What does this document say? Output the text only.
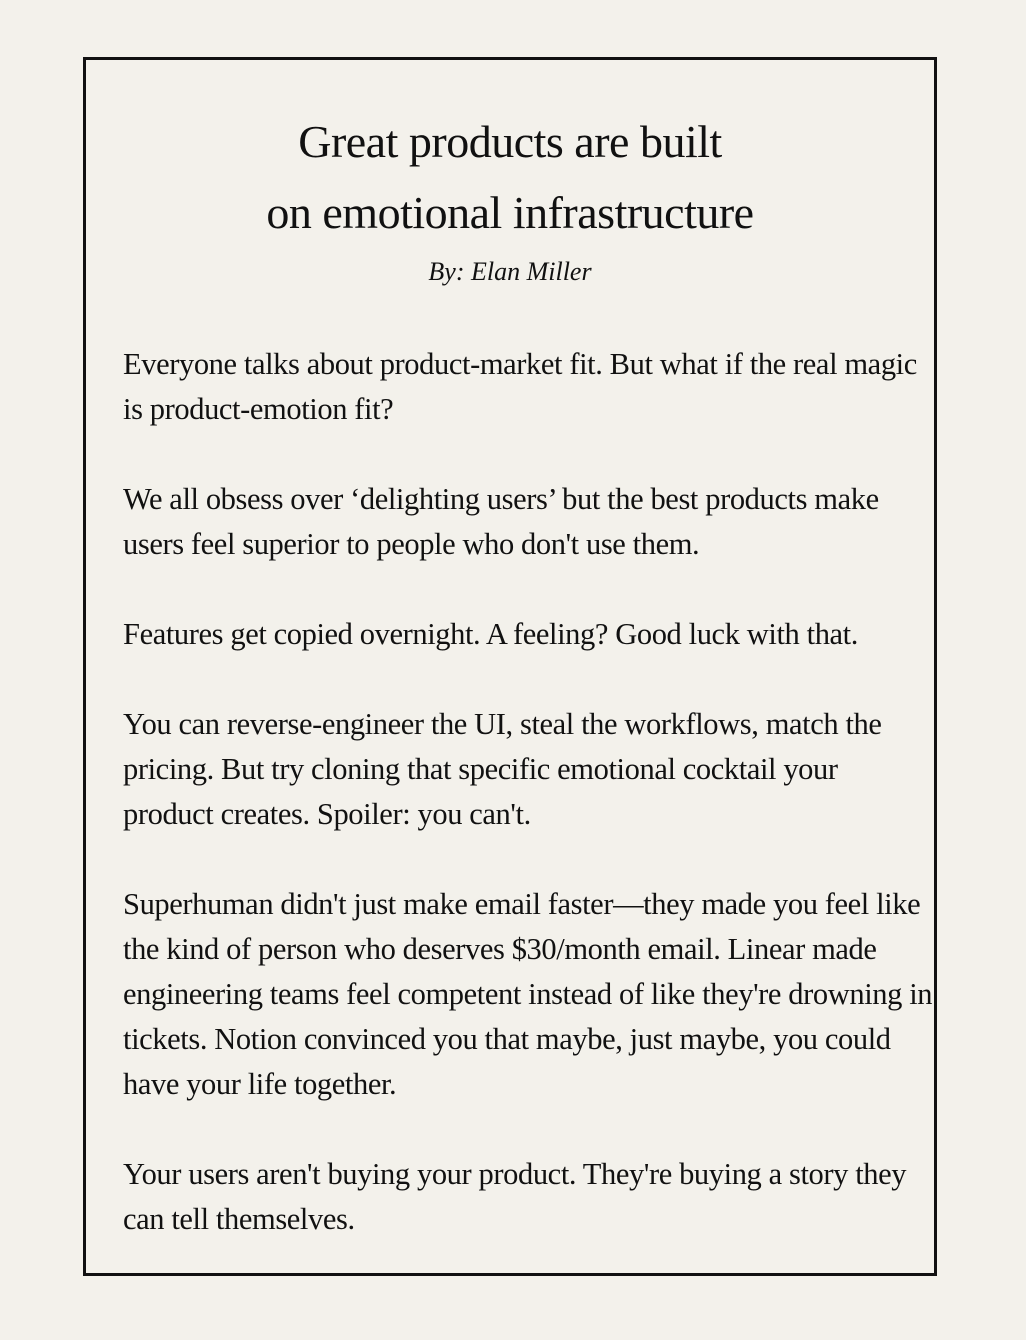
Great products are built
on emotional infrastructure
By: Elan Miller

Everyone talks about product-market fit. But what if the real magic is product-emotion fit?

We all obsess over ‘delighting users’ but the best products make users feel superior to people who don't use them.

Features get copied overnight. A feeling? Good luck with that.

You can reverse-engineer the UI, steal the workflows, match the pricing. But try cloning that specific emotional cocktail your product creates. Spoiler: you can't.

Superhuman didn't just make email faster—they made you feel like the kind of person who deserves $30/month email. Linear made engineering teams feel competent instead of like they're drowning in tickets. Notion convinced you that maybe, just maybe, you could have your life together.

Your users aren't buying your product. They're buying a story they can tell themselves.
